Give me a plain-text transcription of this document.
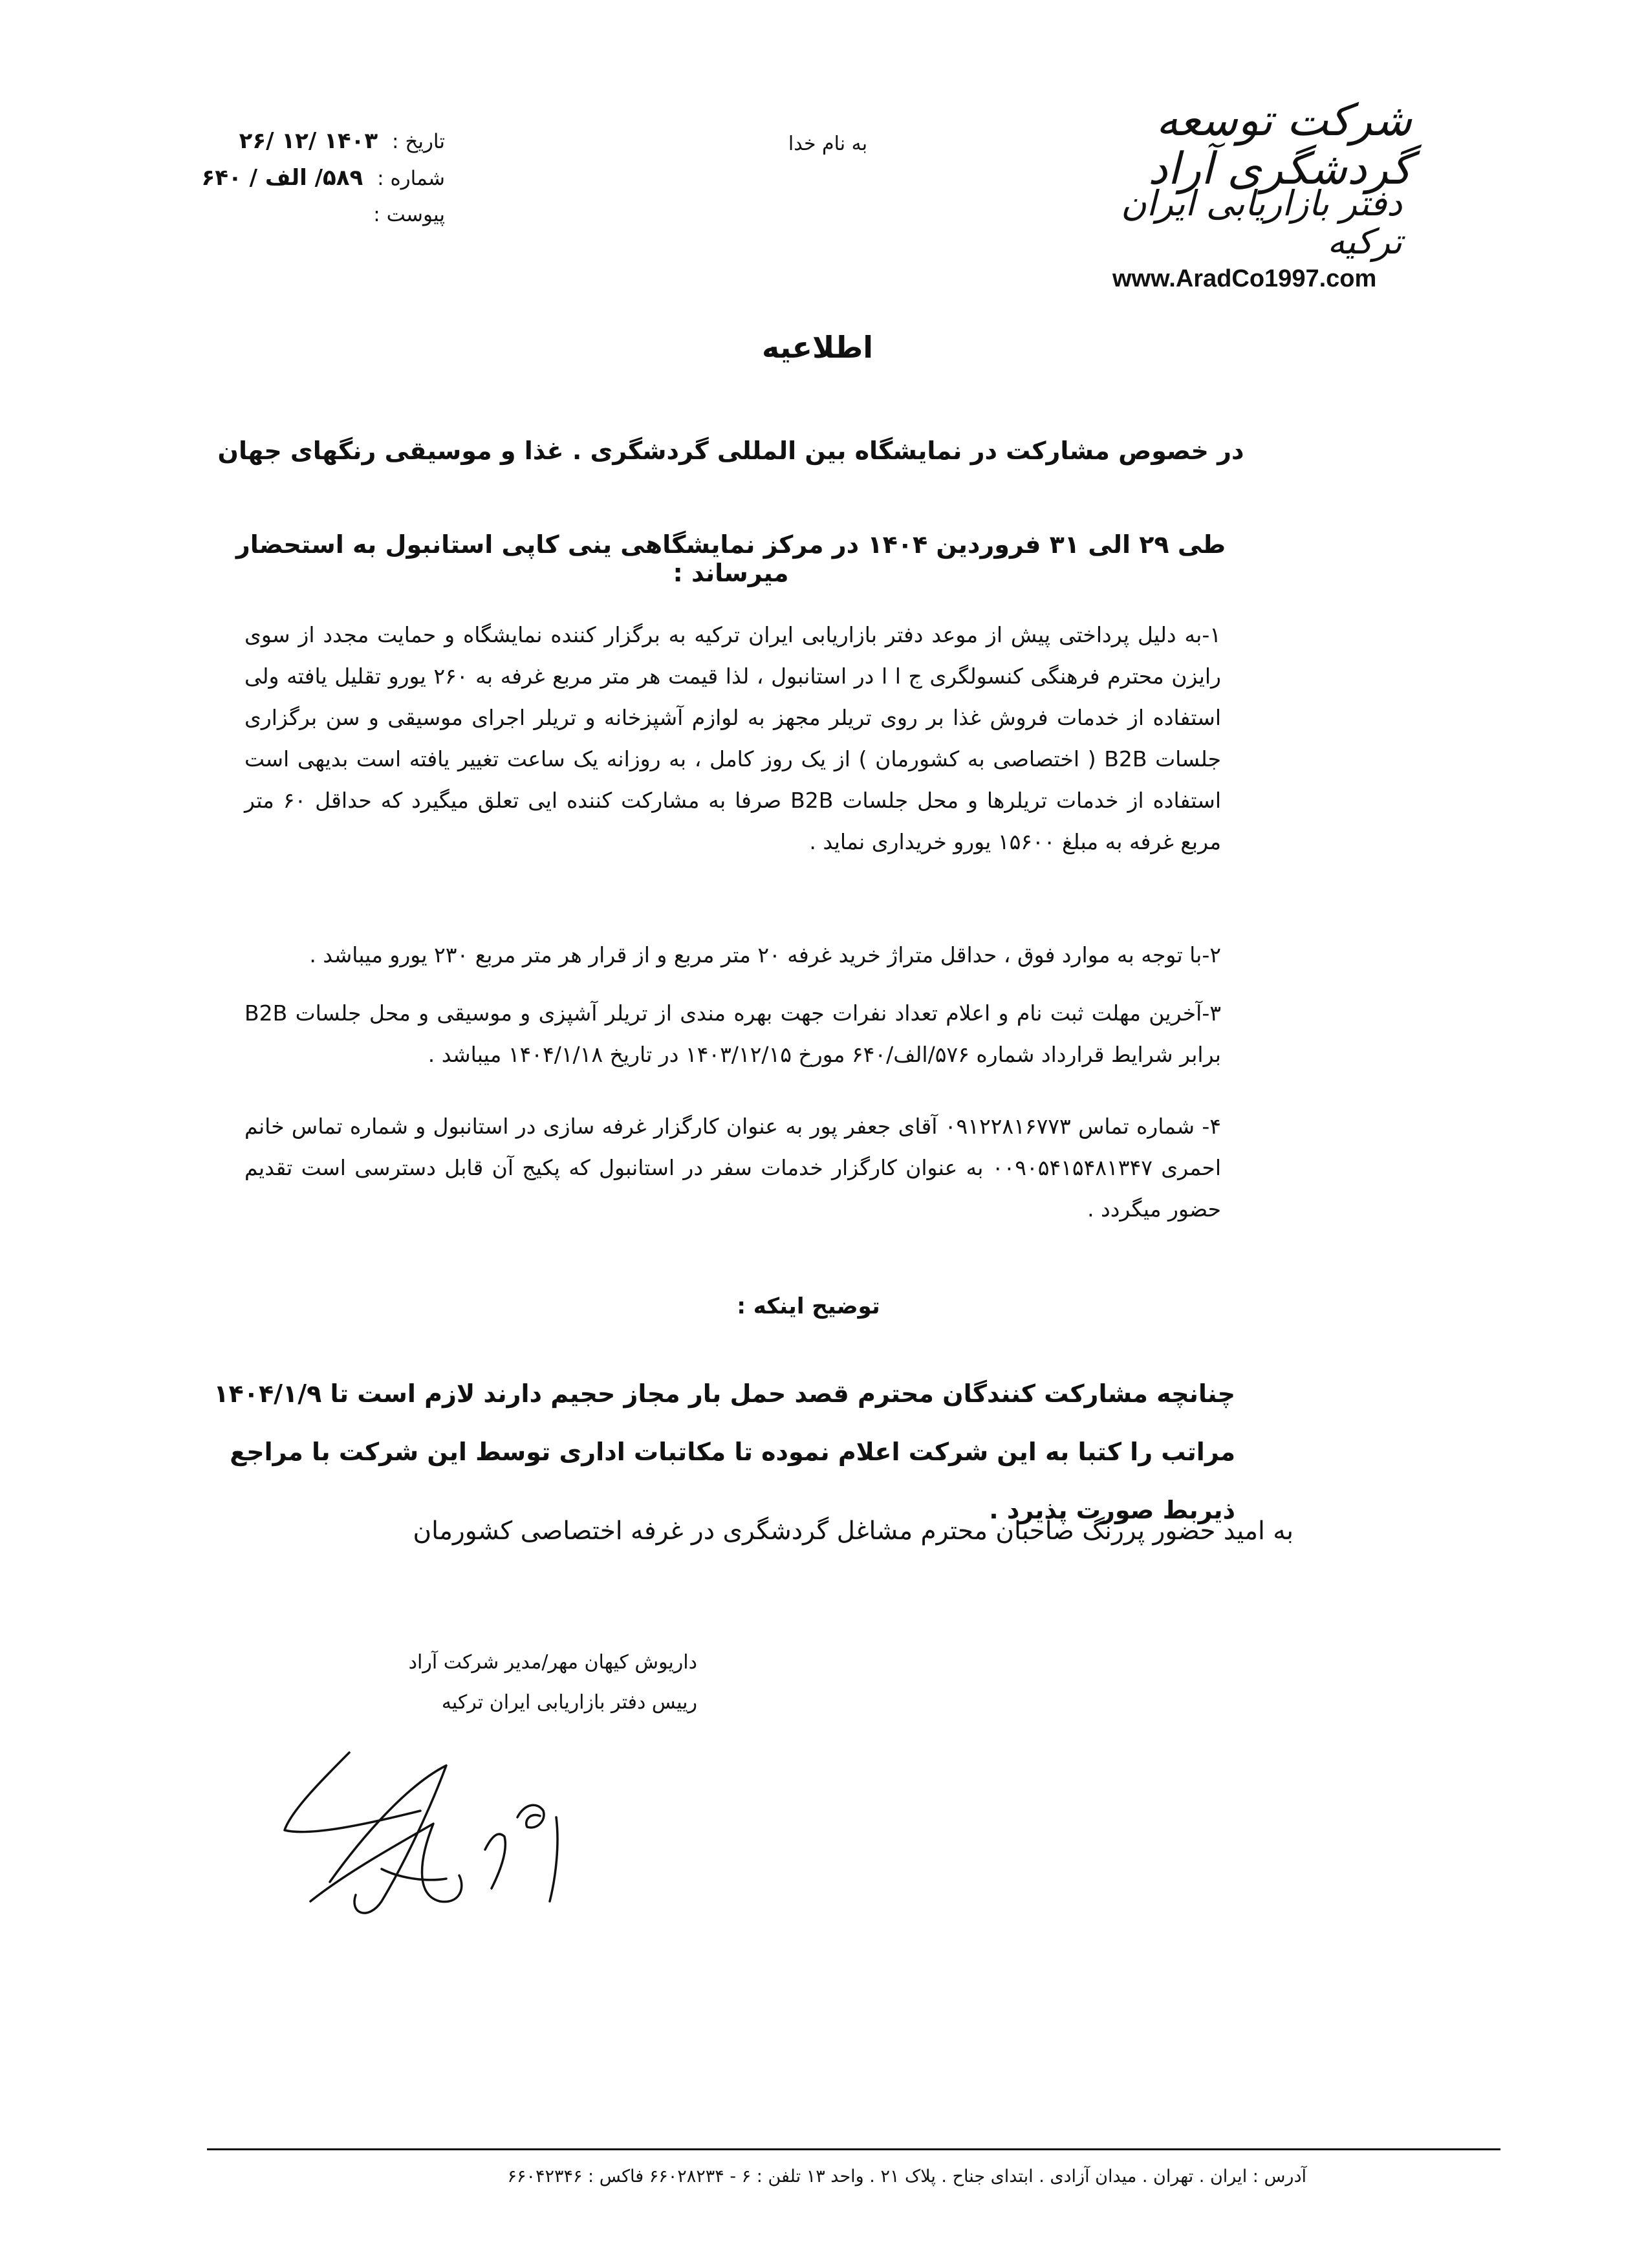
شرکت توسعه گردشگری آراد
دفتر بازاریابی ایران ترکیه
www.AradCo1997.com
به نام خدا
تاریخ : ۱۴۰۳ /۱۲ /۲۶
شماره : ۵۸۹/ الف / ۶۴۰
پیوست :
اطلاعیه
در خصوص مشارکت در نمایشگاه بین المللی گردشگری . غذا و موسیقی رنگهای جهان
طی ۲۹ الی ۳۱ فروردین ۱۴۰۴ در مرکز نمایشگاهی ینی کاپی استانبول به استحضار میرساند :
۱-به دلیل پرداختی پیش از موعد دفتر بازاریابی ایران ترکیه به برگزار کننده نمایشگاه و حمایت مجدد از سوی رایزن محترم فرهنگی کنسولگری ج ا ا در استانبول ، لذا قیمت هر متر مربع غرفه به ۲۶۰ یورو تقلیل یافته ولی استفاده از خدمات فروش غذا بر روی تریلر مجهز به لوازم آشپزخانه و تریلر اجرای موسیقی و سن برگزاری جلسات B2B ( اختصاصی به کشورمان ) از یک روز کامل ، به روزانه یک ساعت تغییر یافته است بدیهی است استفاده از خدمات تریلرها و محل جلسات B2B صرفا به مشارکت کننده ایی تعلق میگیرد که حداقل ۶۰ متر مربع غرفه به مبلغ ۱۵۶۰۰ یورو خریداری نماید .
۲-با توجه به موارد فوق ، حداقل متراژ خرید غرفه ۲۰ متر مربع و از قرار هر متر مربع ۲۳۰ یورو میباشد .
۳-آخرین مهلت ثبت نام و اعلام تعداد نفرات جهت بهره مندی از تریلر آشپزی و موسیقی و محل جلسات B2B برابر شرایط قرارداد شماره ۵۷۶/الف/۶۴۰ مورخ ۱۴۰۳/۱۲/۱۵ در تاریخ ۱۴۰۴/۱/۱۸ میباشد .
۴- شماره تماس ۰۹۱۲۲۸۱۶۷۷۳ آقای جعفر پور به عنوان کارگزار غرفه سازی در استانبول و شماره تماس خانم احمری ۰۰۹۰۵۴۱۵۴۸۱۳۴۷ به عنوان کارگزار خدمات سفر در استانبول که پکیج آن قابل دسترسی است تقدیم حضور میگردد .
توضیح اینکه :
چنانچه مشارکت کنندگان محترم قصد حمل بار مجاز حجیم دارند لازم است تا ۱۴۰۴/۱/۹ مراتب را کتبا به این شرکت اعلام نموده تا مکاتبات اداری توسط این شرکت با مراجع ذیربط صورت پذیرد .
به امید حضور پررنگ صاحبان محترم مشاغل گردشگری در غرفه اختصاصی کشورمان
داریوش کیهان مهر/مدیر شرکت آراد
رییس دفتر بازاریابی ایران ترکیه
آدرس : ایران . تهران . میدان آزادی . ابتدای جناح . پلاک ۲۱ . واحد ۱۳ تلفن : ۶ - ۶۶۰۲۸۲۳۴ فاکس : ۶۶۰۴۲۳۴۶
